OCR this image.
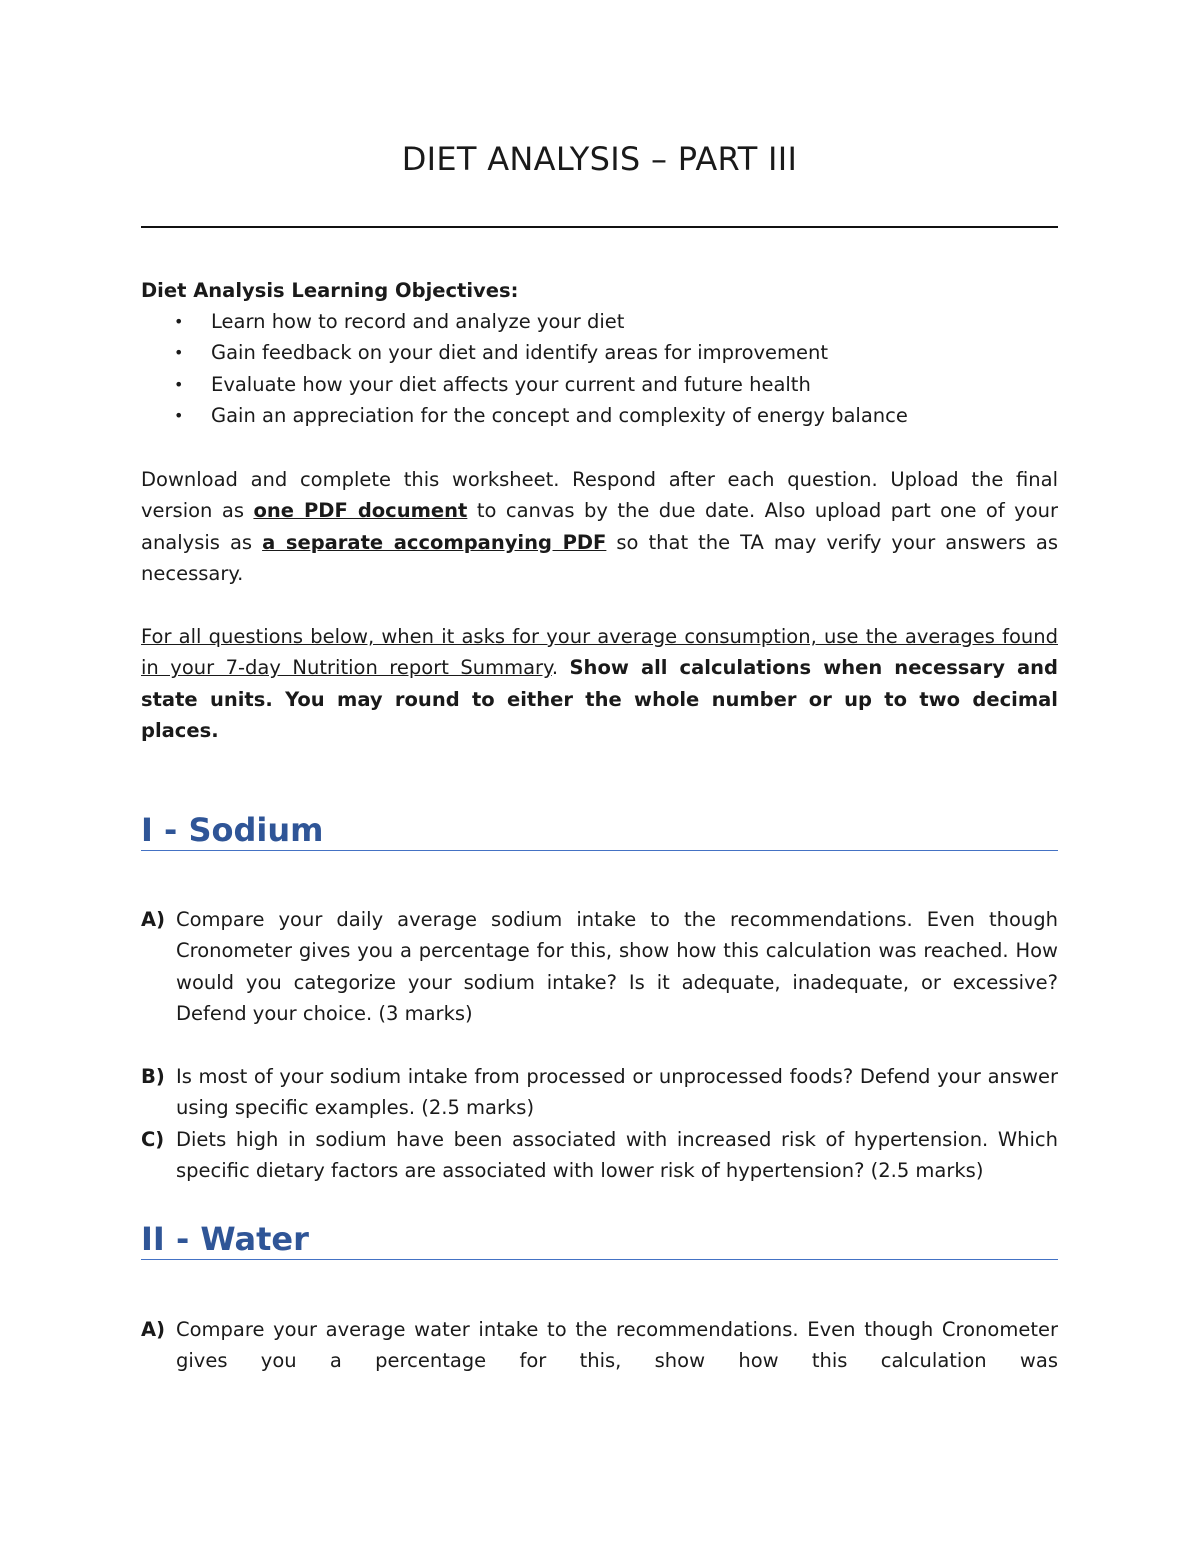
DIET ANALYSIS – PART III

Diet Analysis Learning Objectives:

• Learn how to record and analyze your diet
• Gain feedback on your diet and identify areas for improvement
• Evaluate how your diet affects your current and future health
• Gain an appreciation for the concept and complexity of energy balance

Download and complete this worksheet. Respond after each question. Upload the final version as one PDF document to canvas by the due date. Also upload part one of your analysis as a separate accompanying PDF so that the TA may verify your answers as necessary.

For all questions below, when it asks for your average consumption, use the averages found in your 7-day Nutrition report Summary. Show all calculations when necessary and state units. You may round to either the whole number or up to two decimal places.

I - Sodium
A) Compare your daily average sodium intake to the recommendations. Even though Cronometer gives you a percentage for this, show how this calculation was reached. How would you categorize your sodium intake? Is it adequate, inadequate, or excessive? Defend your choice. (3 marks)
B) Is most of your sodium intake from processed or unprocessed foods? Defend your answer using specific examples. (2.5 marks)
C) Diets high in sodium have been associated with increased risk of hypertension. Which specific dietary factors are associated with lower risk of hypertension? (2.5 marks)
II - Water
A) Compare your average water intake to the recommendations. Even though Cronometer gives you a percentage for this, show how this calculation was
